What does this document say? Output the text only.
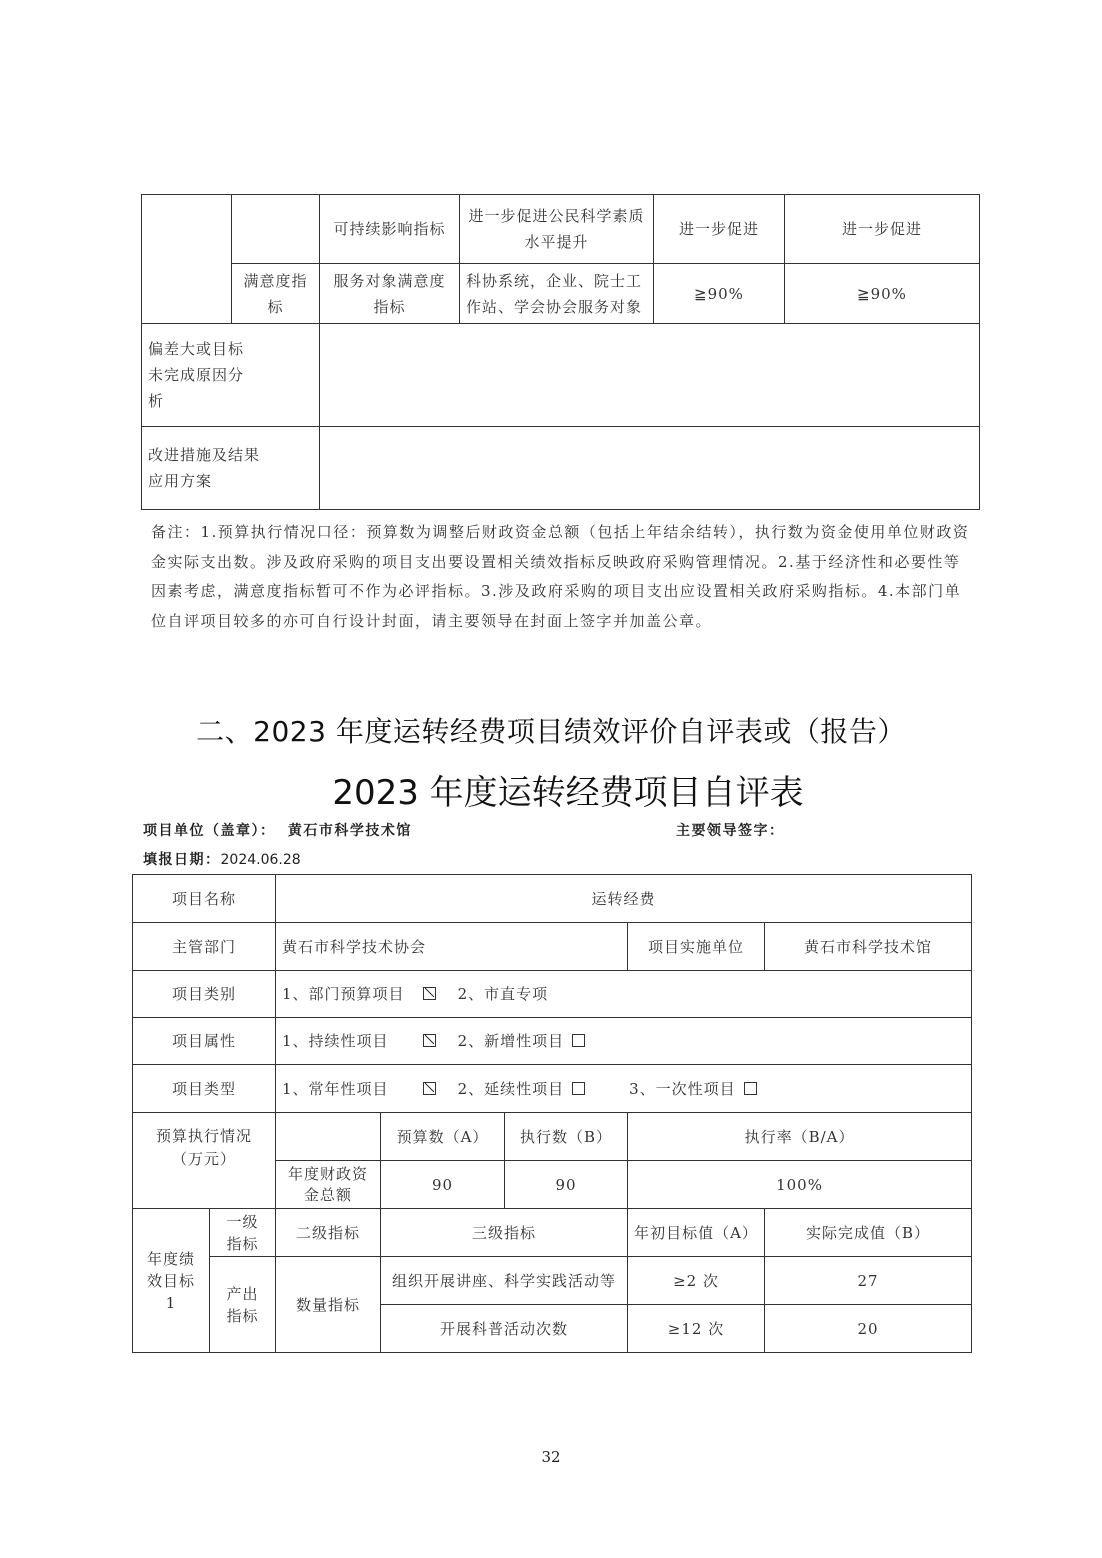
		可持续影响指标	进一步促进公民科学素质水平提升	进一步促进	进一步促进
	满意度指标	服务对象满意度指标	科协系统，企业、院士工作站、学会协会服务对象	≧90%	≧90%
偏差大或目标未完成原因分析					
改进措施及结果应用方案					
备注：1.预算执行情况口径：预算数为调整后财政资金总额（包括上年结余结转），执行数为资金使用单位财政资金实际支出数。涉及政府采购的项目支出要设置相关绩效指标反映政府采购管理情况。2.基于经济性和必要性等因素考虑，满意度指标暂可不作为必评指标。3.涉及政府采购的项目支出应设置相关政府采购指标。4.本部门单位自评项目较多的亦可自行设计封面，请主要领导在封面上签字并加盖公章。
二、2023 年度运转经费项目绩效评价自评表或（报告）
2023 年度运转经费项目自评表
项目单位（盖章）： 黄石市科学技术馆	主要领导签字：
填报日期：2024.06.28
项目名称		运转经费				
主管部门		黄石市科学技术协会			项目实施单位	黄石市科学技术馆
项目类别		1、部门预算项目 2、市直专项				
项目属性		1、持续性项目 2、新增性项目				
项目类型		1、常年性项目 2、延续性项目 3、一次性项目				
预算执行情况（万元）			预算数（A）	执行数（B）	执行率（B/A）	
		年度财政资金总额	90	90	100%	
年度绩效目标 1	一级指标	二级指标	三级指标		年初目标值（A）	实际完成值（B）
	产出指标	数量指标	组织开展讲座、科学实践活动等		≥2 次	27
			开展科普活动次数		≥12 次	20
32
